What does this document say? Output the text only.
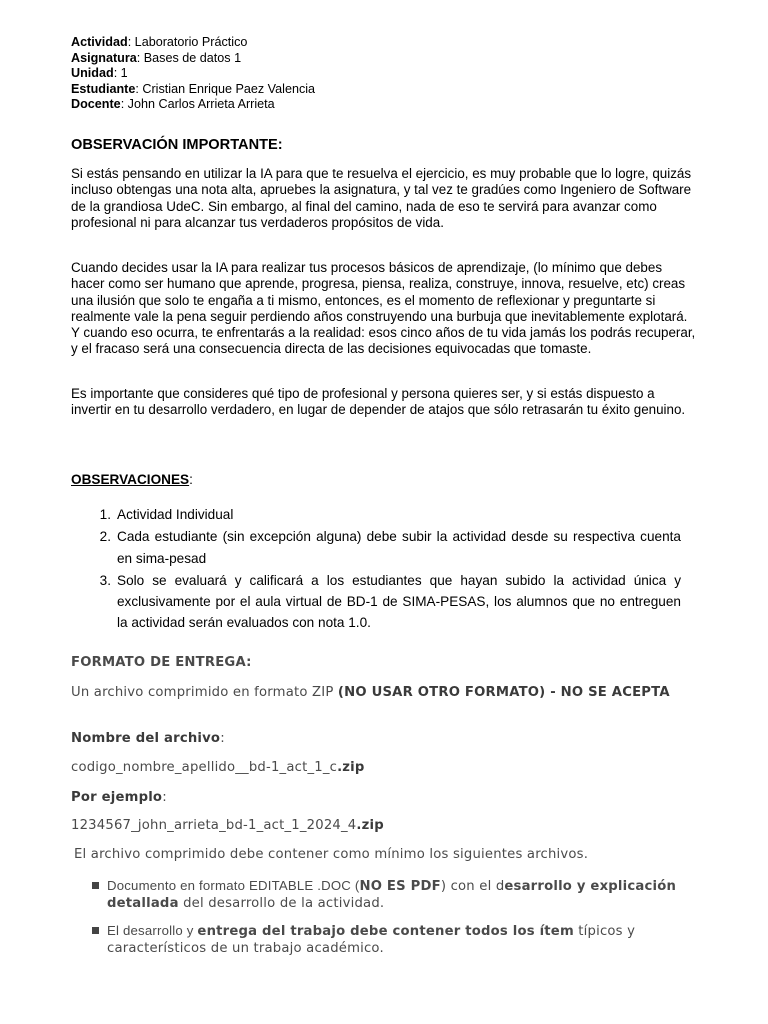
Actividad: Laboratorio Práctico
Asignatura: Bases de datos 1
Unidad: 1
Estudiante: Cristian Enrique Paez Valencia
Docente: John Carlos Arrieta Arrieta
OBSERVACIÓN IMPORTANTE:

Si estás pensando en utilizar la IA para que te resuelva el ejercicio, es muy probable que lo logre, quizás incluso obtengas una nota alta, apruebes la asignatura, y tal vez te gradúes como Ingeniero de Software de la grandiosa UdeC. Sin embargo, al final del camino, nada de eso te servirá para avanzar como profesional ni para alcanzar tus verdaderos propósitos de vida.

Cuando decides usar la IA para realizar tus procesos básicos de aprendizaje, (lo mínimo que debes hacer como ser humano que aprende, progresa, piensa, realiza, construye, innova, resuelve, etc) creas una ilusión que solo te engaña a ti mismo, entonces, es el momento de reflexionar y preguntarte si realmente vale la pena seguir perdiendo años construyendo una burbuja que inevitablemente explotará. Y cuando eso ocurra, te enfrentarás a la realidad: esos cinco años de tu vida jamás los podrás recuperar, y el fracaso será una consecuencia directa de las decisiones equivocadas que tomaste.

Es importante que consideres qué tipo de profesional y persona quieres ser, y si estás dispuesto a invertir en tu desarrollo verdadero, en lugar de depender de atajos que sólo retrasarán tu éxito genuino.

OBSERVACIONES:
1. Actividad Individual
2. Cada estudiante (sin excepción alguna) debe subir la actividad desde su respectiva cuenta en sima-pesad
3. Solo se evaluará y calificará a los estudiantes que hayan subido la actividad única y exclusivamente por el aula virtual de BD-1 de SIMA-PESAS, los alumnos que no entreguen la actividad serán evaluados con nota 1.0.
FORMATO DE ENTREGA:
Un archivo comprimido en formato ZIP (NO USAR OTRO FORMATO) - NO SE ACEPTA
Nombre del archivo:
codigo_nombre_apellido__bd-1_act_1_c.zip
Por ejemplo:
1234567_john_arrieta_bd-1_act_1_2024_4.zip
El archivo comprimido debe contener como mínimo los siguientes archivos.
Documento en formato EDITABLE .DOC (NO ES PDF) con el desarrollo y explicación detallada del desarrollo de la actividad.
El desarrollo y entrega del trabajo debe contener todos los ítem típicos y característicos de un trabajo académico.
